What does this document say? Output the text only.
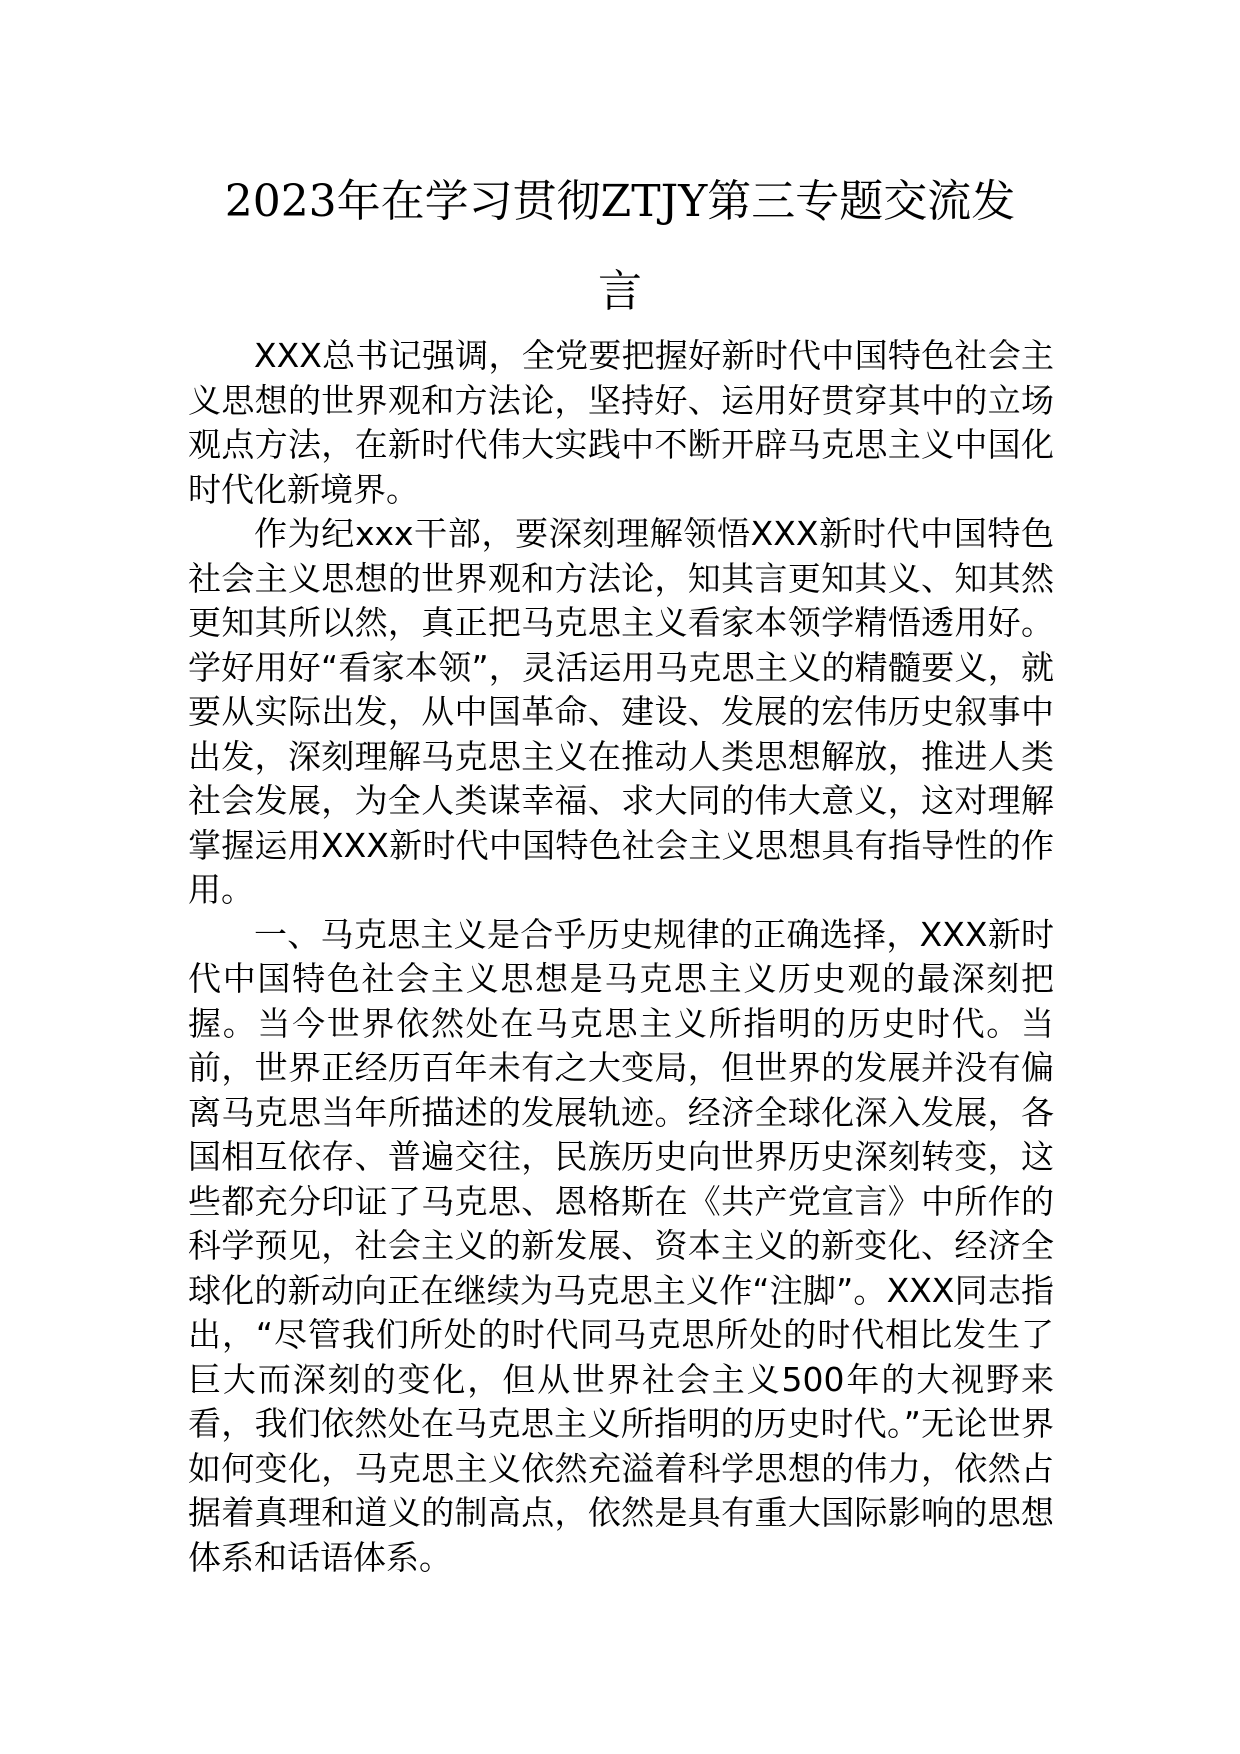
2023年在学习贯彻ZTJY第三专题交流发
言

XXX总书记强调，全党要把握好新时代中国特色社会主义思想的世界观和方法论，坚持好、运用好贯穿其中的立场观点方法，在新时代伟大实践中不断开辟马克思主义中国化时代化新境界。

作为纪xxx干部，要深刻理解领悟XXX新时代中国特色社会主义思想的世界观和方法论，知其言更知其义、知其然更知其所以然，真正把马克思主义看家本领学精悟透用好。学好用好“看家本领”，灵活运用马克思主义的精髓要义，就要从实际出发，从中国革命、建设、发展的宏伟历史叙事中出发，深刻理解马克思主义在推动人类思想解放，推进人类社会发展，为全人类谋幸福、求大同的伟大意义，这对理解掌握运用XXX新时代中国特色社会主义思想具有指导性的作用。

一、马克思主义是合乎历史规律的正确选择，XXX新时代中国特色社会主义思想是马克思主义历史观的最深刻把握。当今世界依然处在马克思主义所指明的历史时代。当前，世界正经历百年未有之大变局，但世界的发展并没有偏离马克思当年所描述的发展轨迹。经济全球化深入发展，各国相互依存、普遍交往，民族历史向世界历史深刻转变，这些都充分印证了马克思、恩格斯在《共产党宣言》中所作的科学预见，社会主义的新发展、资本主义的新变化、经济全球化的新动向正在继续为马克思主义作“注脚”。XXX同志指出，“尽管我们所处的时代同马克思所处的时代相比发生了巨大而深刻的变化，但从世界社会主义500年的大视野来看，我们依然处在马克思主义所指明的历史时代。”无论世界如何变化，马克思主义依然充溢着科学思想的伟力，依然占据着真理和道义的制高点，依然是具有重大国际影响的思想体系和话语体系。
